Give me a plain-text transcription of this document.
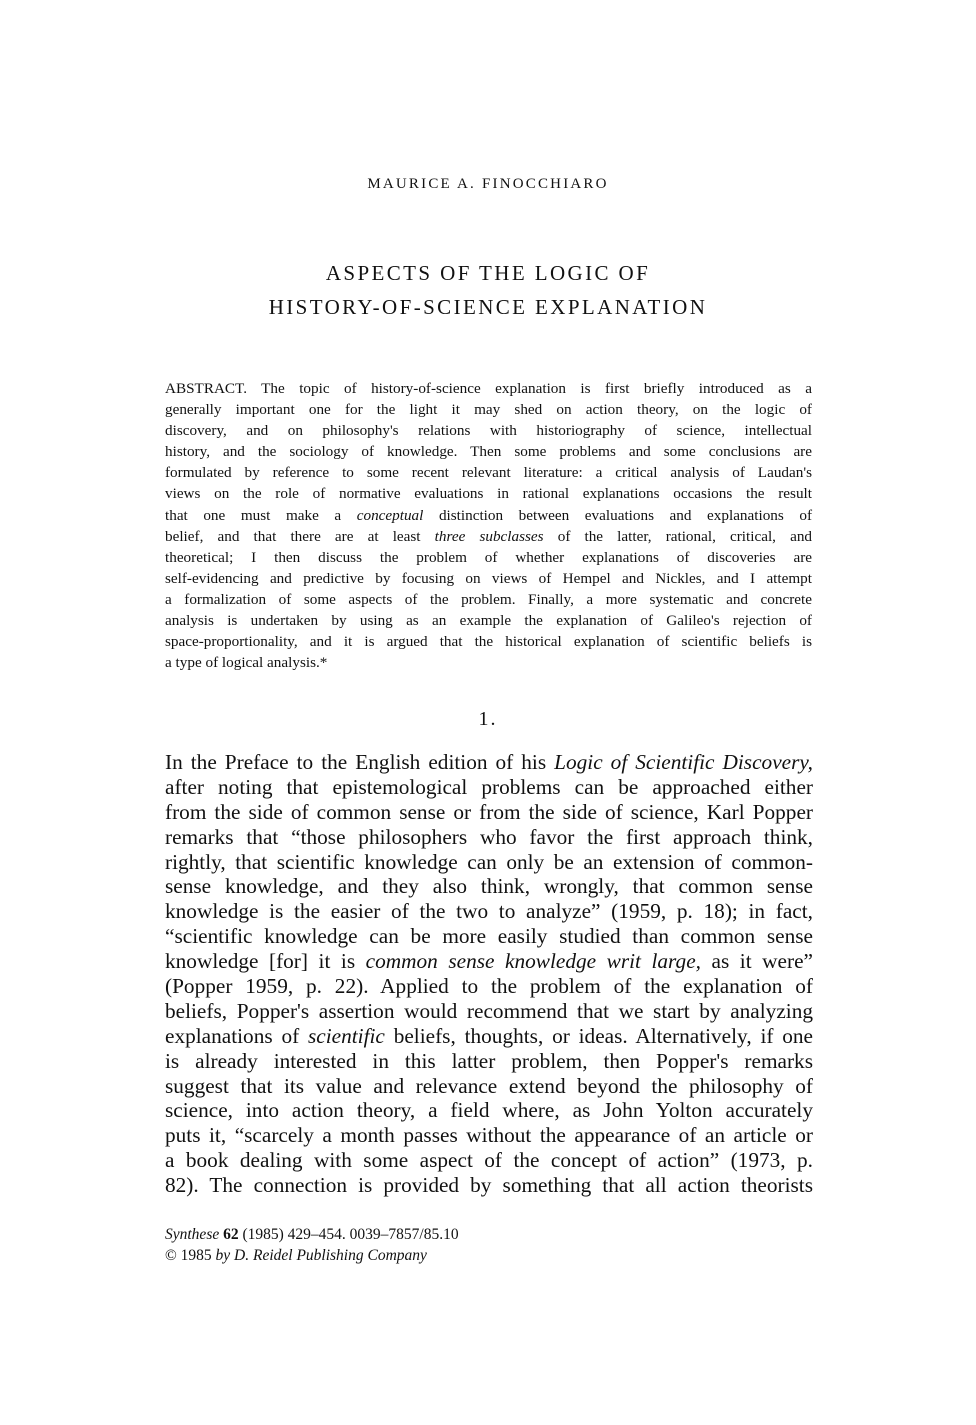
MAURICE A. FINOCCHIARO
ASPECTS OF THE LOGIC OF
HISTORY-OF-SCIENCE EXPLANATION
ABSTRACT. The topic of history-of-science explanation is first briefly introduced as a
generally important one for the light it may shed on action theory, on the logic of
discovery, and on philosophy's relations with historiography of science, intellectual
history, and the sociology of knowledge. Then some problems and some conclusions are
formulated by reference to some recent relevant literature: a critical analysis of Laudan's
views on the role of normative evaluations in rational explanations occasions the result
that one must make a conceptual distinction between evaluations and explanations of
belief, and that there are at least three subclasses of the latter, rational, critical, and
theoretical; I then discuss the problem of whether explanations of discoveries are
self-evidencing and predictive by focusing on views of Hempel and Nickles, and I attempt
a formalization of some aspects of the problem. Finally, a more systematic and concrete
analysis is undertaken by using as an example the explanation of Galileo's rejection of
space-proportionality, and it is argued that the historical explanation of scientific beliefs is
a type of logical analysis.*
1.
In the Preface to the English edition of his Logic of Scientific Discovery,
after noting that epistemological problems can be approached either
from the side of common sense or from the side of science, Karl Popper
remarks that “those philosophers who favor the first approach think,
rightly, that scientific knowledge can only be an extension of common-
sense knowledge, and they also think, wrongly, that common sense
knowledge is the easier of the two to analyze” (1959, p. 18); in fact,
“scientific knowledge can be more easily studied than common sense
knowledge [for] it is common sense knowledge writ large, as it were”
(Popper 1959, p. 22). Applied to the problem of the explanation of
beliefs, Popper's assertion would recommend that we start by analyzing
explanations of scientific beliefs, thoughts, or ideas. Alternatively, if one
is already interested in this latter problem, then Popper's remarks
suggest that its value and relevance extend beyond the philosophy of
science, into action theory, a field where, as John Yolton accurately
puts it, “scarcely a month passes without the appearance of an article or
a book dealing with some aspect of the concept of action” (1973, p.
82). The connection is provided by something that all action theorists
Synthese 62 (1985) 429–454. 0039–7857/85.10
© 1985 by D. Reidel Publishing Company
